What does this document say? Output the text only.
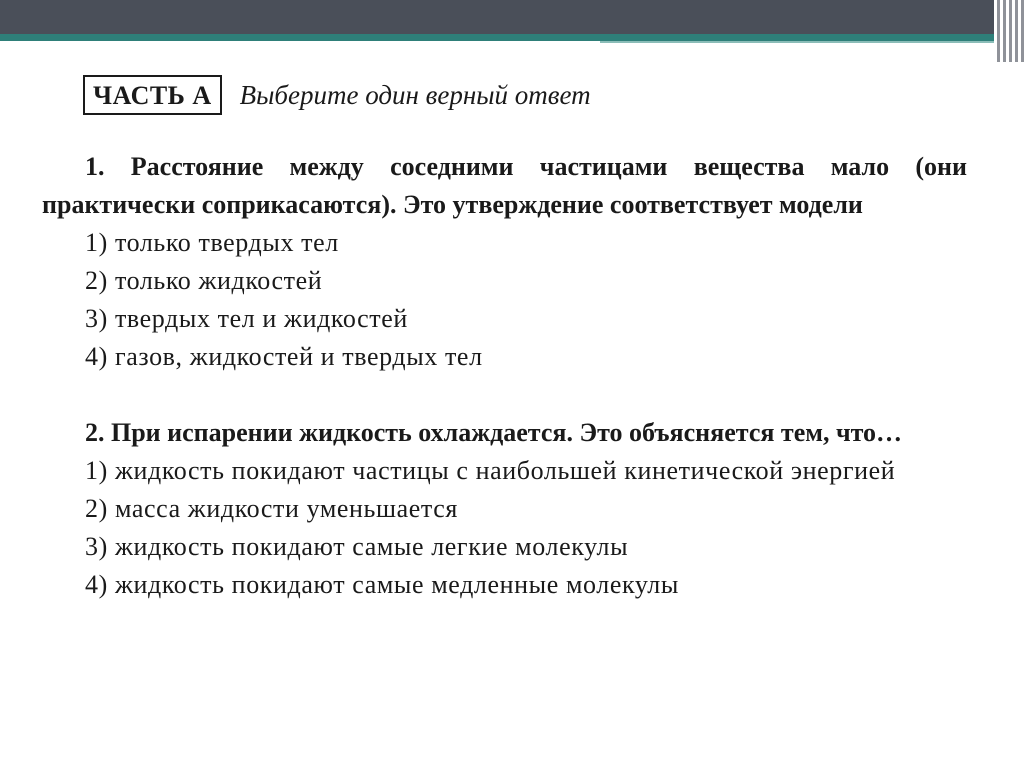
ЧАСТЬ А	Выберите один верный ответ
1. Расстояние между соседними частицами вещества мало (они практически соприкасаются). Это утверждение соответствует модели
1) только твердых тел
2) только жидкостей
3) твердых тел и жидкостей
4) газов, жидкостей и твердых тел
2. При испарении жидкость охлаждается. Это объясняется тем, что…
1) жидкость покидают частицы с наибольшей кинетической энергией
2) масса жидкости уменьшается
3) жидкость покидают самые легкие молекулы
4) жидкость покидают самые медленные молекулы
